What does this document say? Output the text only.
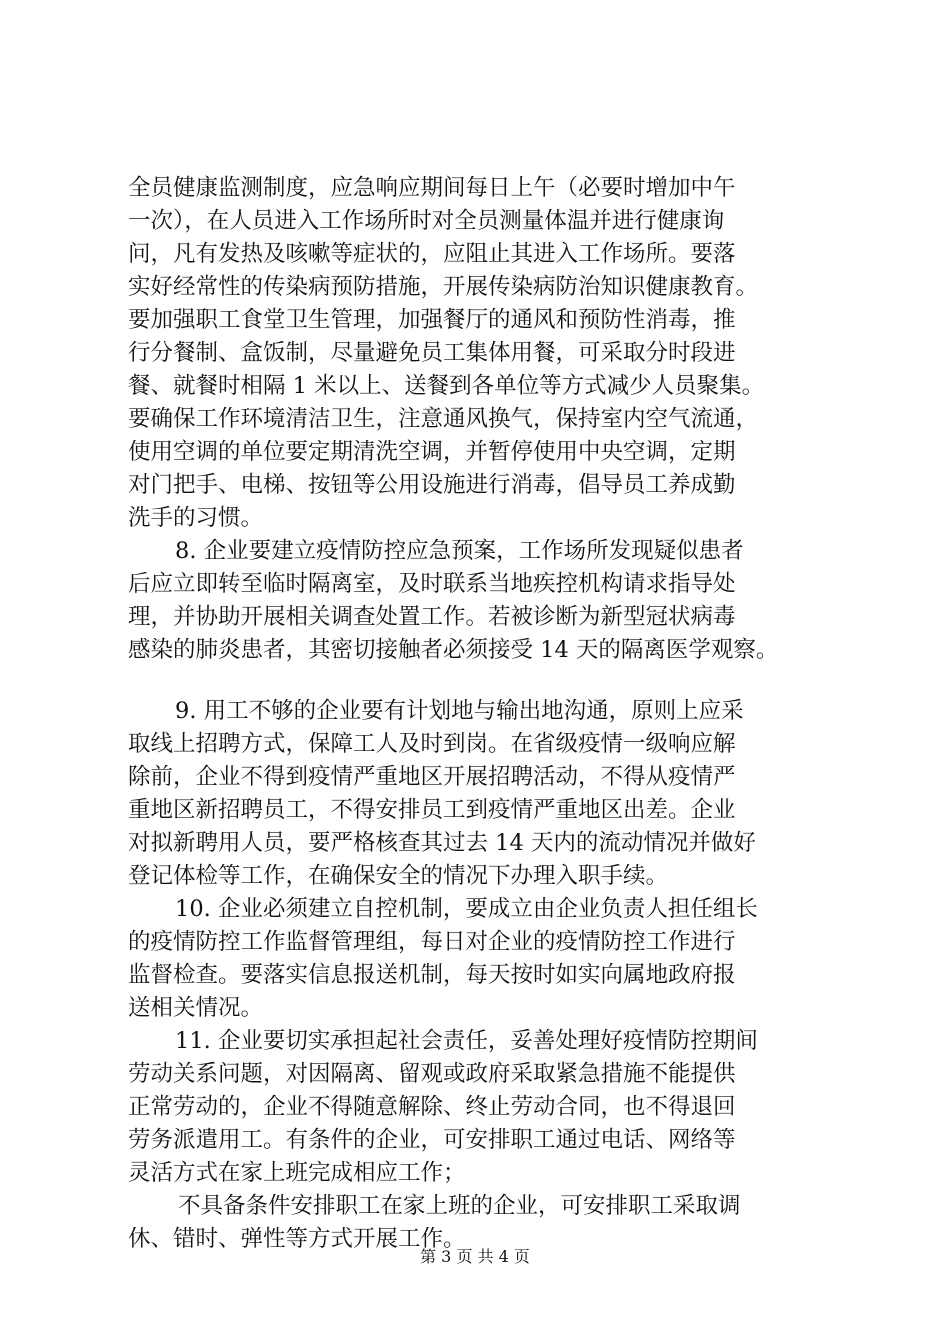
全员健康监测制度，应急响应期间每日上午（必要时增加中午
一次），在人员进入工作场所时对全员测量体温并进行健康询
问，凡有发热及咳嗽等症状的，应阻止其进入工作场所。要落
实好经常性的传染病预防措施，开展传染病防治知识健康教育。
要加强职工食堂卫生管理，加强餐厅的通风和预防性消毒，推
行分餐制、盒饭制，尽量避免员工集体用餐，可采取分时段进
餐、就餐时相隔 1 米以上、送餐到各单位等方式减少人员聚集。
要确保工作环境清洁卫生，注意通风换气，保持室内空气流通，
使用空调的单位要定期清洗空调，并暂停使用中央空调，定期
对门把手、电梯、按钮等公用设施进行消毒，倡导员工养成勤
洗手的习惯。
8. 企业要建立疫情防控应急预案，工作场所发现疑似患者
后应立即转至临时隔离室，及时联系当地疾控机构请求指导处
理，并协助开展相关调查处置工作。若被诊断为新型冠状病毒
感染的肺炎患者，其密切接触者必须接受 14 天的隔离医学观察。
9. 用工不够的企业要有计划地与输出地沟通，原则上应采
取线上招聘方式，保障工人及时到岗。在省级疫情一级响应解
除前，企业不得到疫情严重地区开展招聘活动，不得从疫情严
重地区新招聘员工，不得安排员工到疫情严重地区出差。企业
对拟新聘用人员，要严格核查其过去 14 天内的流动情况并做好
登记体检等工作，在确保安全的情况下办理入职手续。
10. 企业必须建立自控机制，要成立由企业负责人担任组长
的疫情防控工作监督管理组，每日对企业的疫情防控工作进行
监督检查。要落实信息报送机制，每天按时如实向属地政府报
送相关情况。
11. 企业要切实承担起社会责任，妥善处理好疫情防控期间
劳动关系问题，对因隔离、留观或政府采取紧急措施不能提供
正常劳动的，企业不得随意解除、终止劳动合同，也不得退回
劳务派遣用工。有条件的企业，可安排职工通过电话、网络等
灵活方式在家上班完成相应工作；
不具备条件安排职工在家上班的企业，可安排职工采取调
休、错时、弹性等方式开展工作。
第 3 页 共 4 页
